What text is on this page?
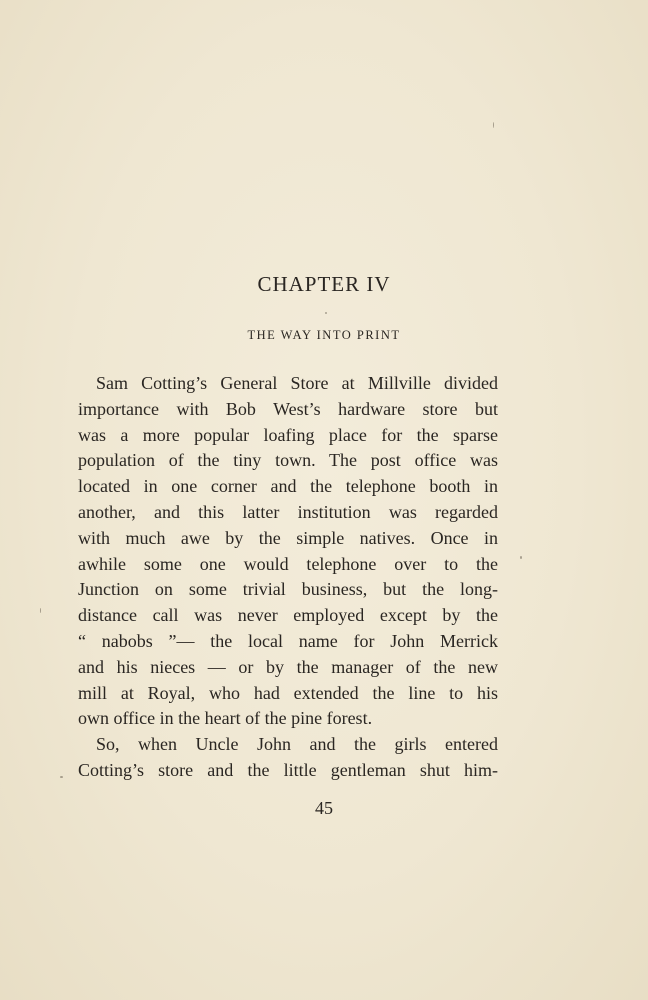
CHAPTER IV
THE WAY INTO PRINT
Sam Cotting’s General Store at Millville divided
importance with Bob West’s hardware store but
was a more popular loafing place for the sparse
population of the tiny town. The post office was
located in one corner and the telephone booth in
another, and this latter institution was regarded
with much awe by the simple natives. Once in
awhile some one would telephone over to the
Junction on some trivial business, but the long-
distance call was never employed except by the
“ nabobs ”— the local name for John Merrick
and his nieces — or by the manager of the new
mill at Royal, who had extended the line to his
own office in the heart of the pine forest.
So, when Uncle John and the girls entered
Cotting’s store and the little gentleman shut him-
45
